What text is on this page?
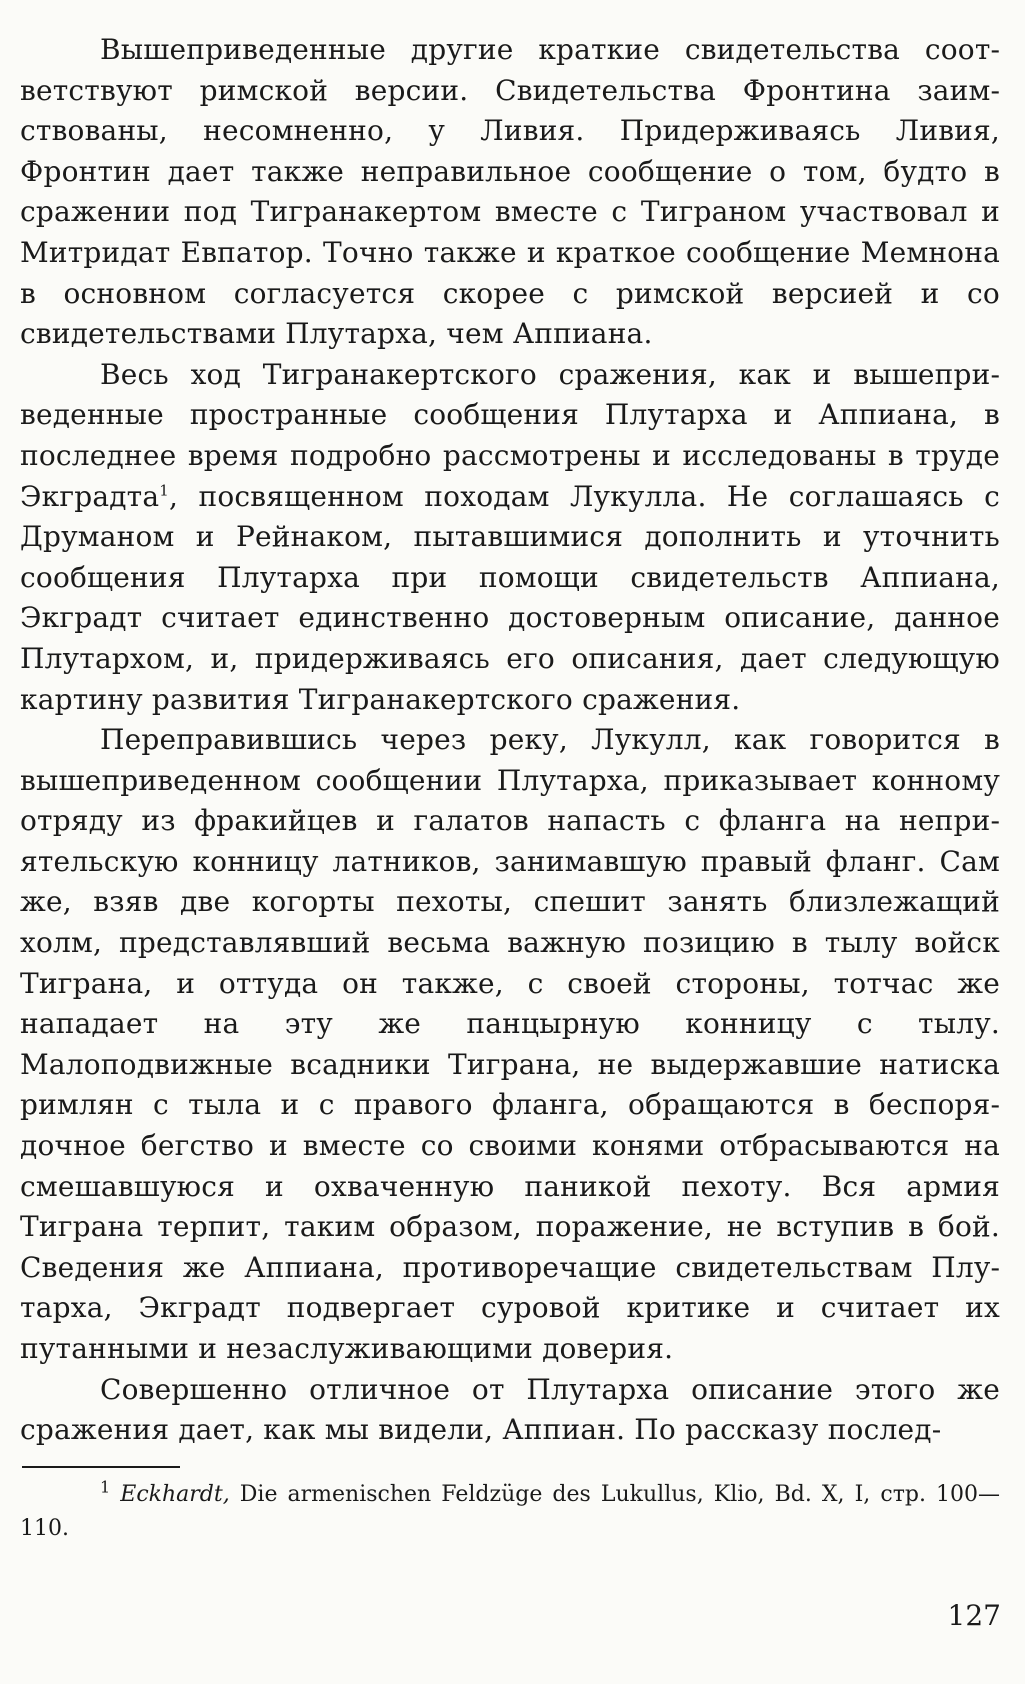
Вышеприведенные другие краткие свидетельства соответствуют римской версии. Свидетельства Фронтина заимствованы, несомненно, у Ливия. Придерживаясь Ливия, Фронтин дает также неправильное сообщение о том, будто в сражении под Тигранакертом вместе с Тиграном участвовал и Митридат Евпатор. Точно также и краткое сообщение Мемнона в основном согласуется скорее с римской версией и со свидетельствами Плутарха, чем Аппиана.

Весь ход Тигранакертского сражения, как и вышеприведенные пространные сообщения Плутарха и Аппиана, в последнее время подробно рассмотрены и исследованы в труде Экградта$^1$, посвященном походам Лукулла. Не соглашаясь с Друманом и Рейнаком, пытавшимися дополнить и уточнить сообщения Плутарха при помощи свидетельств Аппиана, Экградт считает единственно достоверным описание, данное Плутархом, и, придерживаясь его описания, дает следующую картину развития Тигранакертского сражения.

Переправившись через реку, Лукулл, как говорится в вышеприведенном сообщении Плутарха, приказывает конному отряду из фракийцев и галатов напасть с фланга на неприятельскую конницу латников, занимавшую правый фланг. Сам же, взяв две когорты пехоты, спешит занять близлежащий холм, представлявший весьма важную позицию в тылу войск Тиграна, и оттуда он также, с своей стороны, тотчас же нападает на эту же панцырную конницу с тылу. Малоподвижные всадники Тиграна, не выдержавшие натиска римлян с тыла и с правого фланга, обращаются в беспорядочное бегство и вместе со своими конями отбрасываются на смешавшуюся и охваченную паникой пехоту. Вся армия Тиграна терпит, таким образом, поражение, не вступив в бой. Сведения же Аппиана, противоречащие свидетельствам Плутарха, Экградт подвергает суровой критике и считает их путанными и незаслуживающими доверия.

Совершенно отличное от Плутарха описание этого же сражения дает, как мы видели, Аппиан. По рассказу послед-

$^1$ Eckhardt, Die armenischen Feldzüge des Lukullus, Klio, Bd. X, I, стр. 100—110.

127
